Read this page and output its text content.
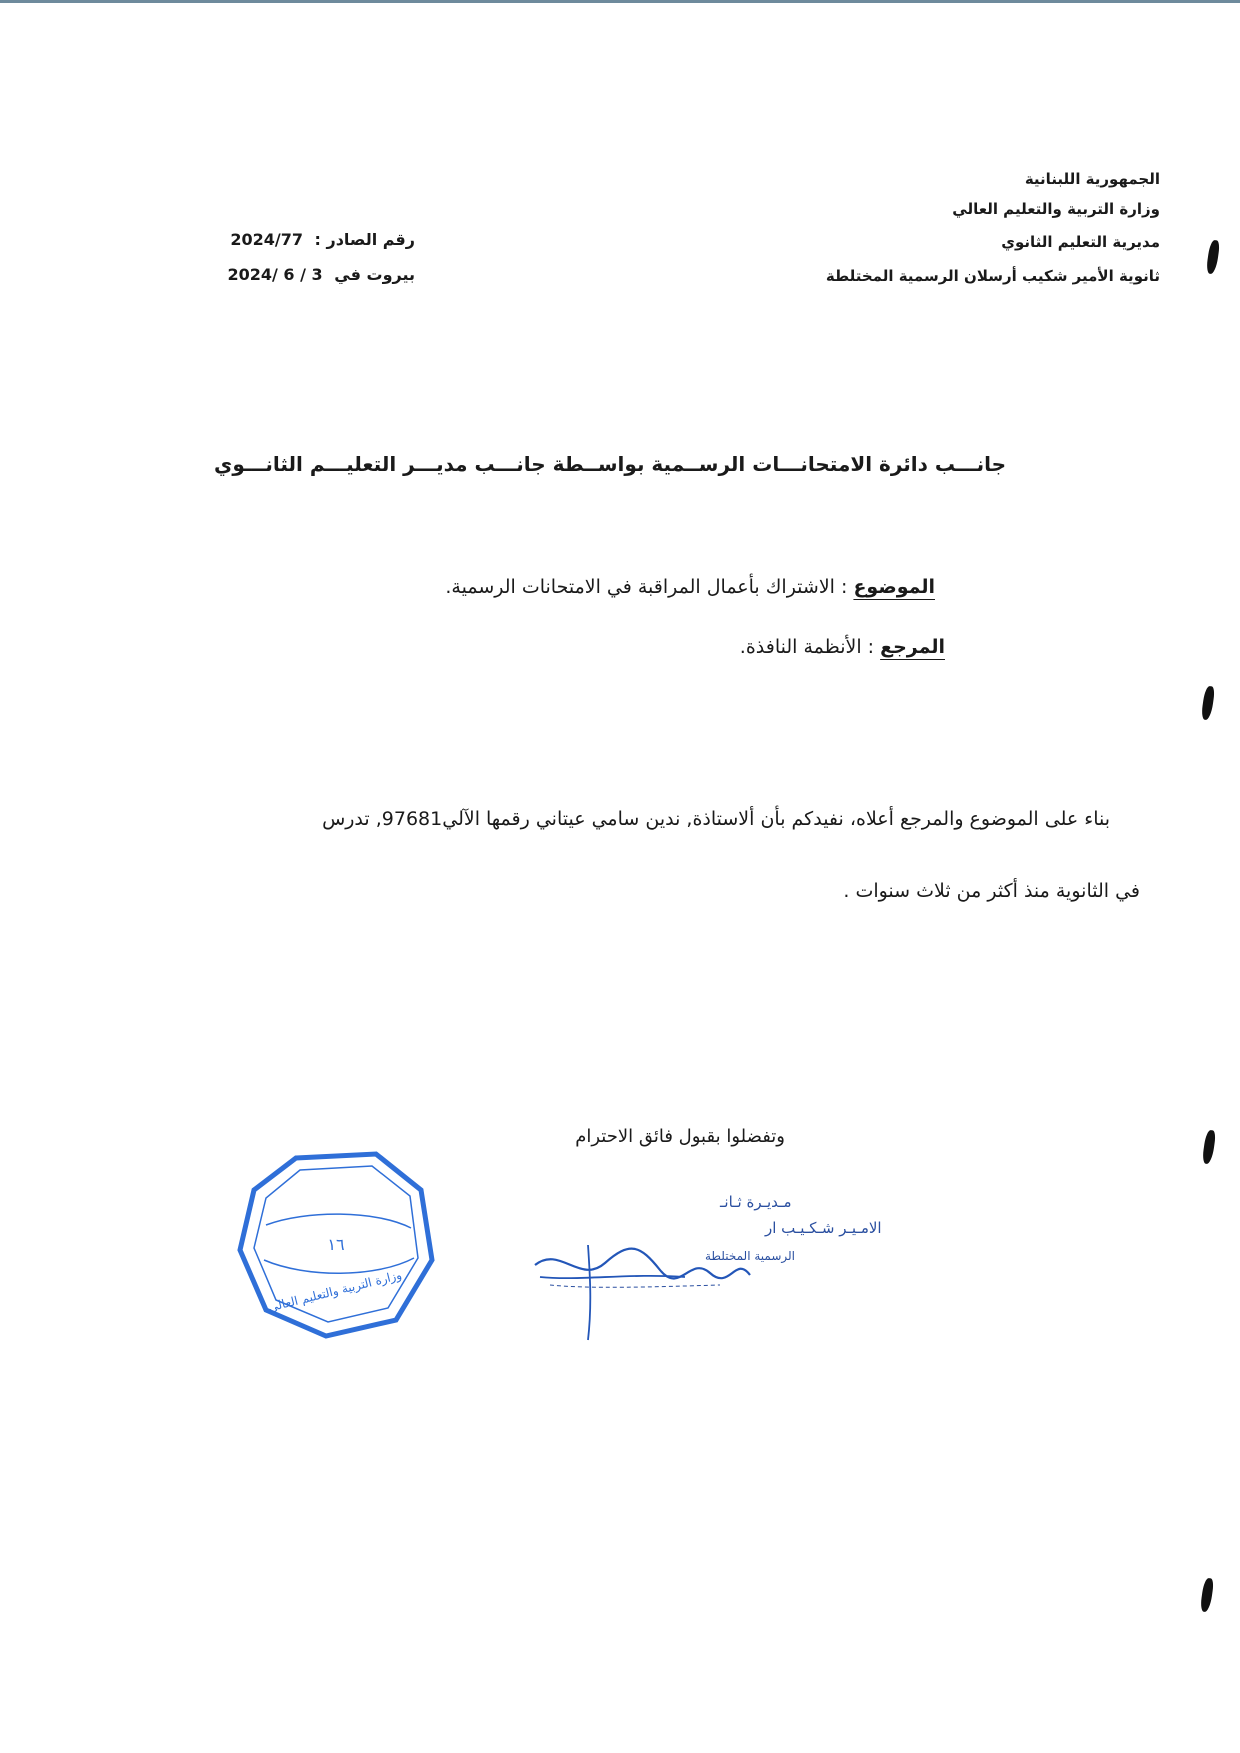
الجمهورية اللبنانية
وزارة التربية والتعليم العالي
مديرية التعليم الثانوي
ثانوية الأمير شكيب أرسلان الرسمية المختلطة
رقم الصادر : 2024/77
بيروت في 3 / 6 /2024
جانـــب دائرة الامتحانـــات الرســمية بواســطة جانـــب مديـــر التعليـــم الثانـــوي
الموضوع : الاشتراك بأعمال المراقبة في الامتحانات الرسمية.
المرجع : الأنظمة النافذة.
بناء على الموضوع والمرجع أعلاه، نفيدكم بأن ألاستاذة, ندين سامي عيتاني رقمها الآلي97681, تدرس
في الثانوية منذ أكثر من ثلاث سنوات .
وتفضلوا بقبول فائق الاحترام
مـديـرة ثـانـ
الامـيـر شـكـيـب ار
الرسمية المختلطة
١٦
وزارة التربية والتعليم العالي
